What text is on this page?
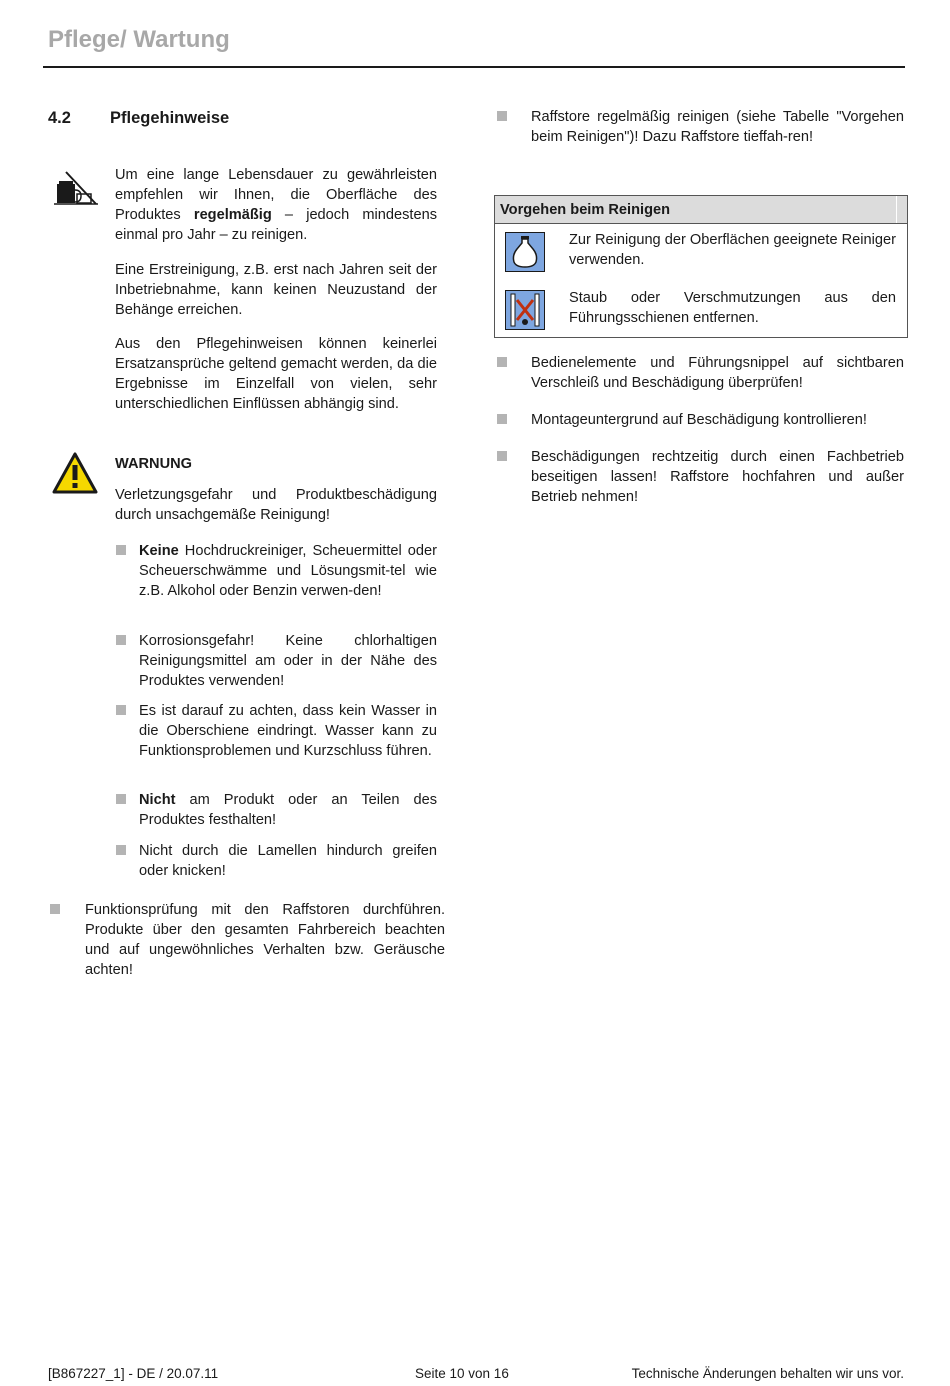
Pflege/ Wartung
4.2 Pflegehinweise

Um eine lange Lebensdauer zu gewährleisten empfehlen wir Ihnen, die Oberfläche des Produktes regelmäßig – jedoch mindestens einmal pro Jahr – zu reinigen.

Eine Erstreinigung, z.B. erst nach Jahren seit der Inbetriebnahme, kann keinen Neuzustand der Behänge erreichen.

Aus den Pflegehinweisen können keinerlei Ersatzansprüche geltend gemacht werden, da die Ergebnisse im Einzelfall von vielen, sehr unterschiedlichen Einflüssen abhängig sind.

WARNUNG

Verletzungsgefahr und Produktbeschädigung durch unsachgemäße Reinigung!

Keine Hochdruckreiniger, Scheuermittel oder Scheuerschwämme und Lösungsmit-tel wie z.B. Alkohol oder Benzin verwen-den!

Korrosionsgefahr! Keine chlorhaltigen Reinigungsmittel am oder in der Nähe des Produktes verwenden!

Es ist darauf zu achten, dass kein Wasser in die Oberschiene eindringt. Wasser kann zu Funktionsproblemen und Kurzschluss führen.

Nicht am Produkt oder an Teilen des Produktes festhalten!

Nicht durch die Lamellen hindurch greifen oder knicken!

Funktionsprüfung mit den Raffstoren durchführen. Produkte über den gesamten Fahrbereich beachten und auf ungewöhnliches Verhalten bzw. Geräusche achten!

Raffstore regelmäßig reinigen (siehe Tabelle "Vorgehen beim Reinigen")! Dazu Raffstore tieffah-ren!

Vorgehen beim Reinigen

Zur Reinigung der Oberflächen geeignete Reiniger verwenden.

Staub oder Verschmutzungen aus den Führungsschienen entfernen.

Bedienelemente und Führungsnippel auf sichtbaren Verschleiß und Beschädigung überprüfen!

Montageuntergrund auf Beschädigung kontrollieren!

Beschädigungen rechtzeitig durch einen Fachbetrieb beseitigen lassen! Raffstore hochfahren und außer Betrieb nehmen!

[B867227_1] - DE / 20.07.11	Seite 10 von 16	Technische Änderungen behalten wir uns vor.
